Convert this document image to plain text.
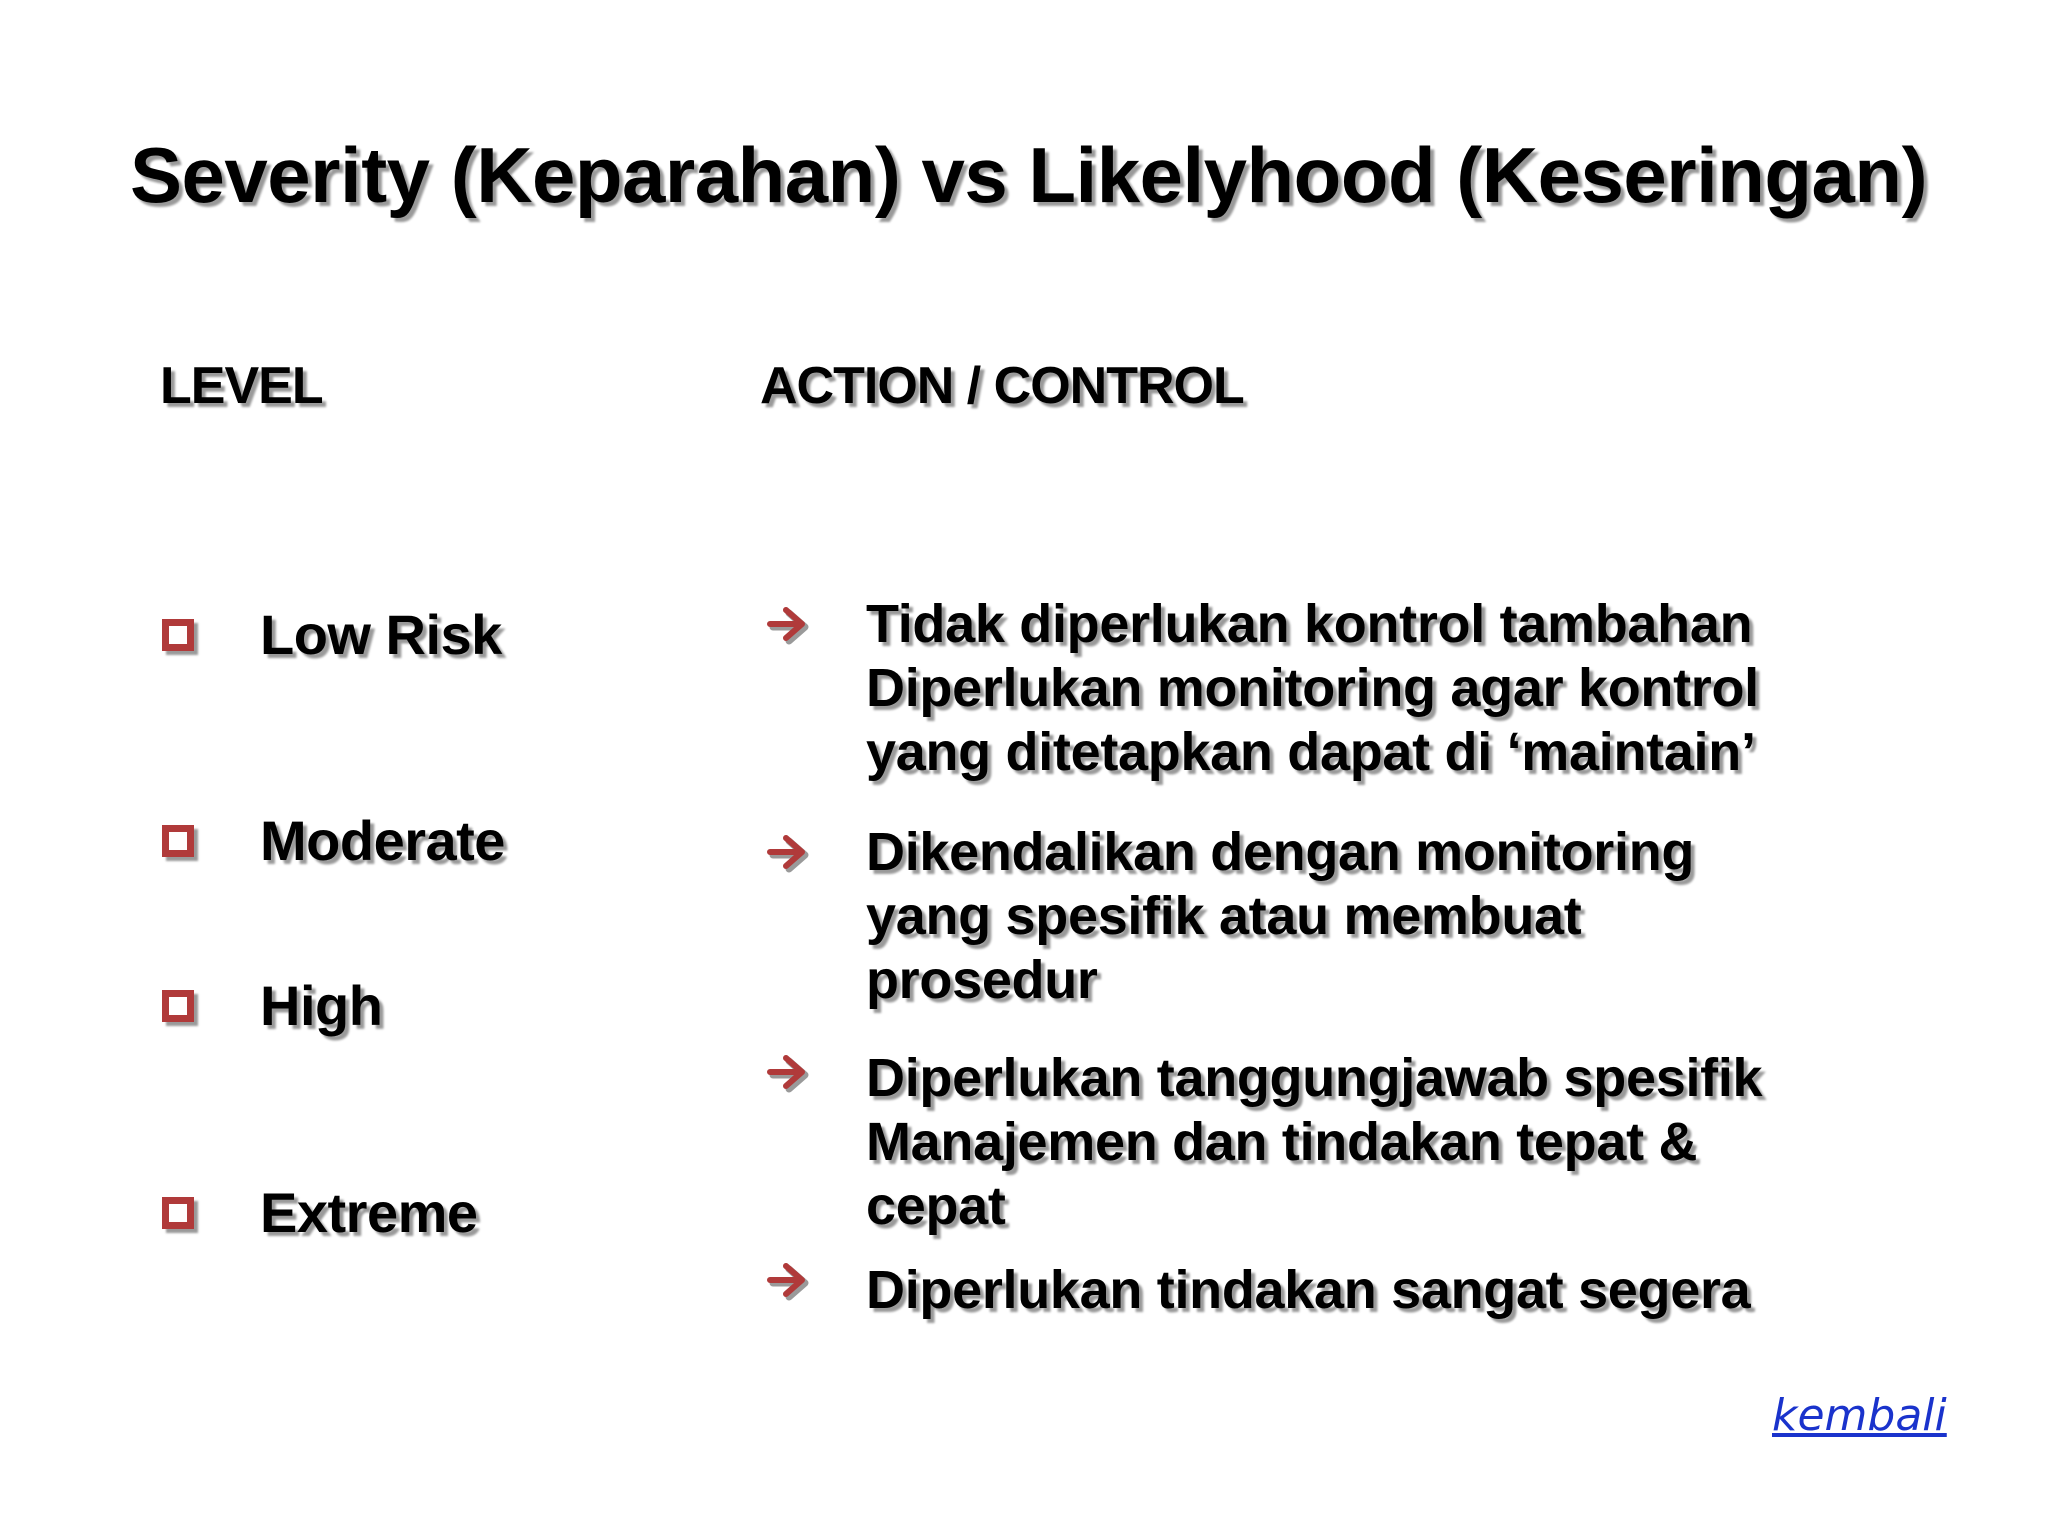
Severity (Keparahan) vs Likelyhood (Keseringan)
LEVEL	ACTION / CONTROL
Low Risk
Moderate
High
Extreme
Tidak diperlukan kontrol tambahan
Diperlukan monitoring agar kontrol
yang ditetapkan dapat di ‘maintain’
Dikendalikan dengan monitoring
yang spesifik atau membuat
prosedur
Diperlukan tanggungjawab spesifik
Manajemen dan tindakan tepat &
cepat
Diperlukan tindakan sangat segera
kembali
